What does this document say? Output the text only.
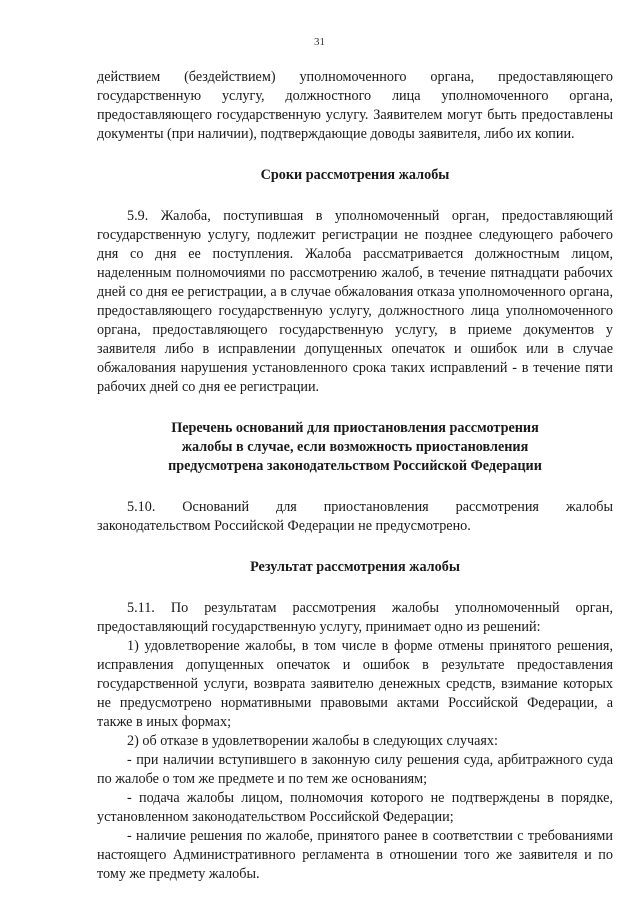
31

действием (бездействием) уполномоченного органа, предоставляющего государственную услугу, должностного лица уполномоченного органа, предоставляющего государственную услугу. Заявителем могут быть предоставлены документы (при наличии), подтверждающие доводы заявителя, либо их копии.

Сроки рассмотрения жалобы

5.9. Жалоба, поступившая в уполномоченный орган, предоставляющий государственную услугу, подлежит регистрации не позднее следующего рабочего дня со дня ее поступления. Жалоба рассматривается должностным лицом, наделенным полномочиями по рассмотрению жалоб, в течение пятнадцати рабочих дней со дня ее регистрации, а в случае обжалования отказа уполномоченного органа, предоставляющего государственную услугу, должностного лица уполномоченного органа, предоставляющего государственную услугу, в приеме документов у заявителя либо в исправлении допущенных опечаток и ошибок или в случае обжалования нарушения установленного срока таких исправлений - в течение пяти рабочих дней со дня ее регистрации.

Перечень оснований для приостановления рассмотрения
жалобы в случае, если возможность приостановления
предусмотрена законодательством Российской Федерации

5.10. Оснований для приостановления рассмотрения жалобы законодательством Российской Федерации не предусмотрено.

Результат рассмотрения жалобы

5.11. По результатам рассмотрения жалобы уполномоченный орган, предоставляющий государственную услугу, принимает одно из решений:

1) удовлетворение жалобы, в том числе в форме отмены принятого решения, исправления допущенных опечаток и ошибок в результате предоставления государственной услуги, возврата заявителю денежных средств, взимание которых не предусмотрено нормативными правовыми актами Российской Федерации, а также в иных формах;

2) об отказе в удовлетворении жалобы в следующих случаях:

- при наличии вступившего в законную силу решения суда, арбитражного суда по жалобе о том же предмете и по тем же основаниям;

- подача жалобы лицом, полномочия которого не подтверждены в порядке, установленном законодательством Российской Федерации;

- наличие решения по жалобе, принятого ранее в соответствии с требованиями настоящего Административного регламента в отношении того же заявителя и по тому же предмету жалобы.
